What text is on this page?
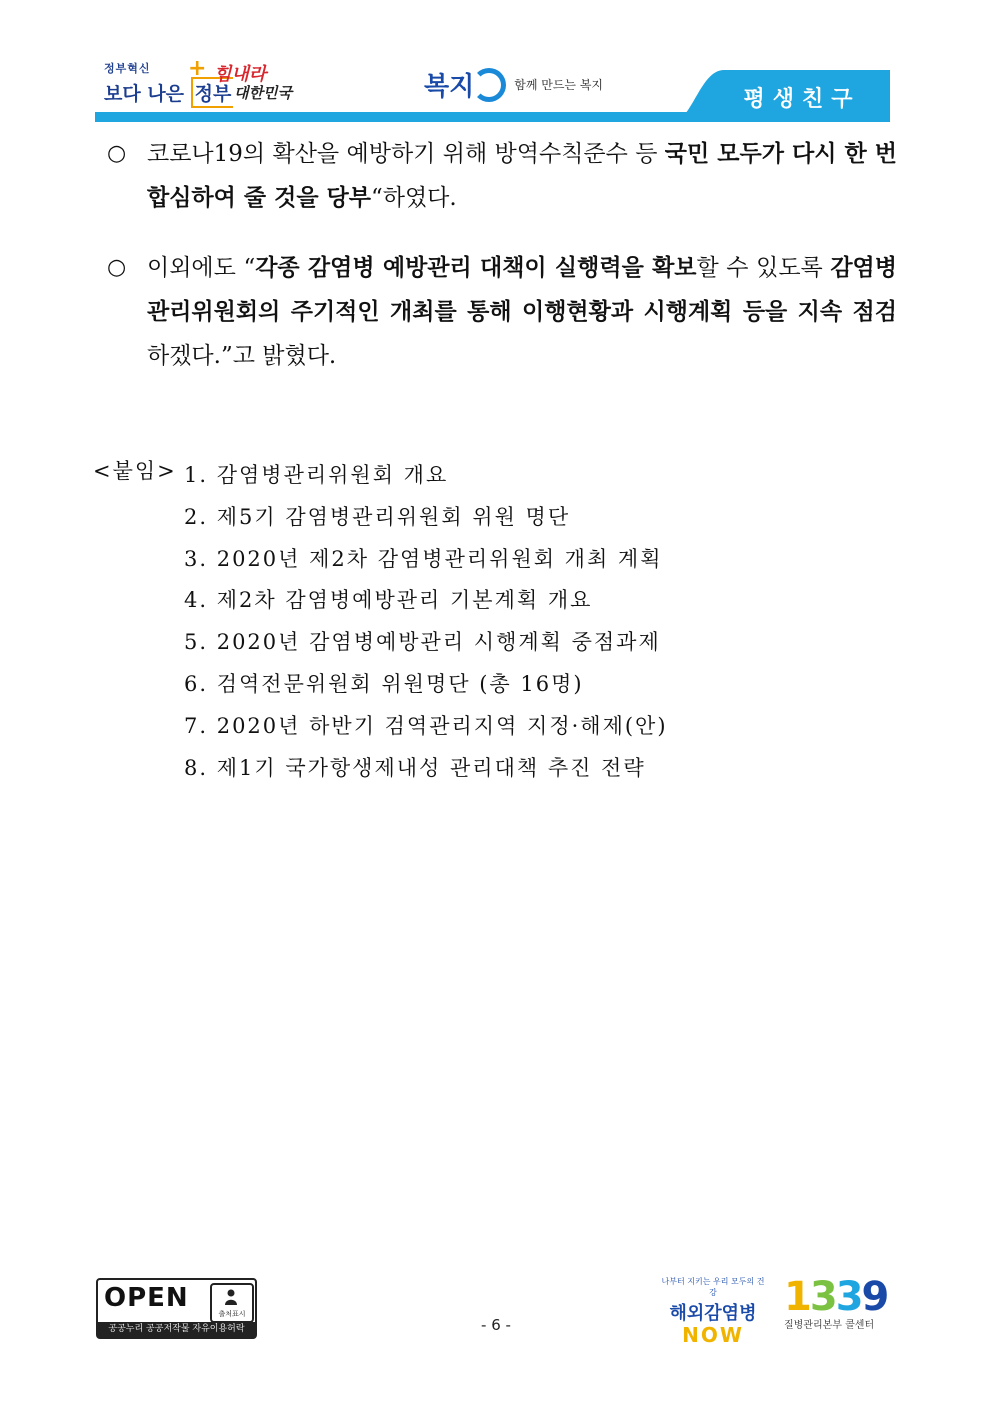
정부혁신
보다 나은 정부
+ 힘내라
대한민국	복지	함께 만드는 복지
평생친구
○ 코로나19의 확산을 예방하기 위해 방역수칙준수 등 국민 모두가 다시 한 번 합심하여 줄 것을 당부“하였다.
○ 이외에도 “각종 감염병 예방관리 대책이 실행력을 확보할 수 있도록 감염병관리위원회의 주기적인 개최를 통해 이행현황과 시행계획 등을 지속 점검하겠다.”고 밝혔다.
<붙임> 1. 감염병관리위원회 개요
2. 제5기 감염병관리위원회 위원 명단
3. 2020년 제2차 감염병관리위원회 개최 계획
4. 제2차 감염병예방관리 기본계획 개요
5. 2020년 감염병예방관리 시행계획 중점과제
6. 검역전문위원회 위원명단 (총 16명)
7. 2020년 하반기 검역관리지역 지정·해제(안)
8. 제1기 국가항생제내성 관리대책 추진 전략
OPEN
출처표시
공공누리 공공저작물 자유이용허락	- 6 -
나부터 지키는 우리 모두의 건강
해외감염병
NOW
1339
질병관리본부 콜센터
